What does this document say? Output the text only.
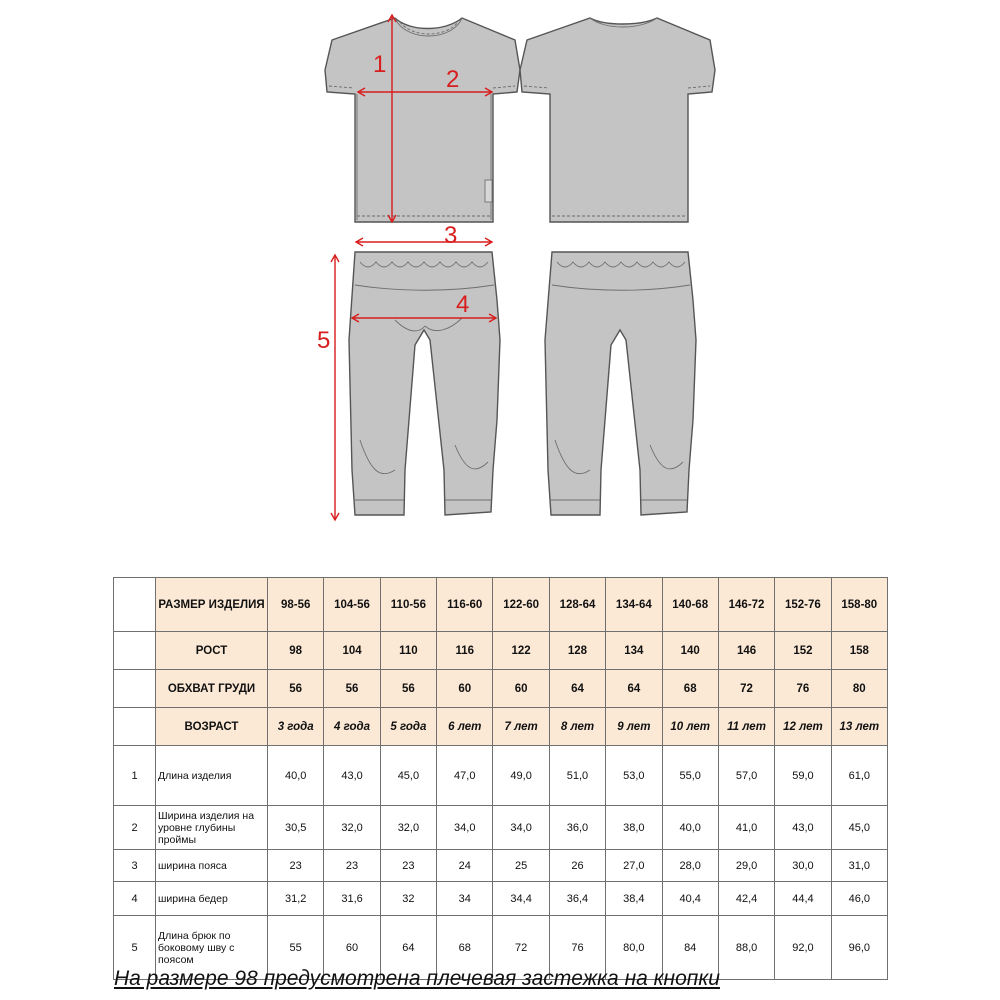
1
2
3
4
5
	РАЗМЕР ИЗДЕЛИЯ	98-56	104-56	110-56	116-60	122-60	128-64	134-64	140-68	146-72	152-76	158-80
	РОСТ	98	104	110	116	122	128	134	140	146	152	158
	ОБХВАТ ГРУДИ	56	56	56	60	60	64	64	68	72	76	80
	ВОЗРАСТ	3 года	4 года	5 года	6 лет	7 лет	8 лет	9 лет	10 лет	11 лет	12 лет	13 лет
1	Длина изделия	40,0	43,0	45,0	47,0	49,0	51,0	53,0	55,0	57,0	59,0	61,0
2	Ширина изделия на уровне глубины проймы	30,5	32,0	32,0	34,0	34,0	36,0	38,0	40,0	41,0	43,0	45,0
3	ширина пояса	23	23	23	24	25	26	27,0	28,0	29,0	30,0	31,0
4	ширина бедер	31,2	31,6	32	34	34,4	36,4	38,4	40,4	42,4	44,4	46,0
5	Длина брюк по боковому шву с поясом	55	60	64	68	72	76	80,0	84	88,0	92,0	96,0
На размере 98 предусмотрена плечевая застежка на кнопки
